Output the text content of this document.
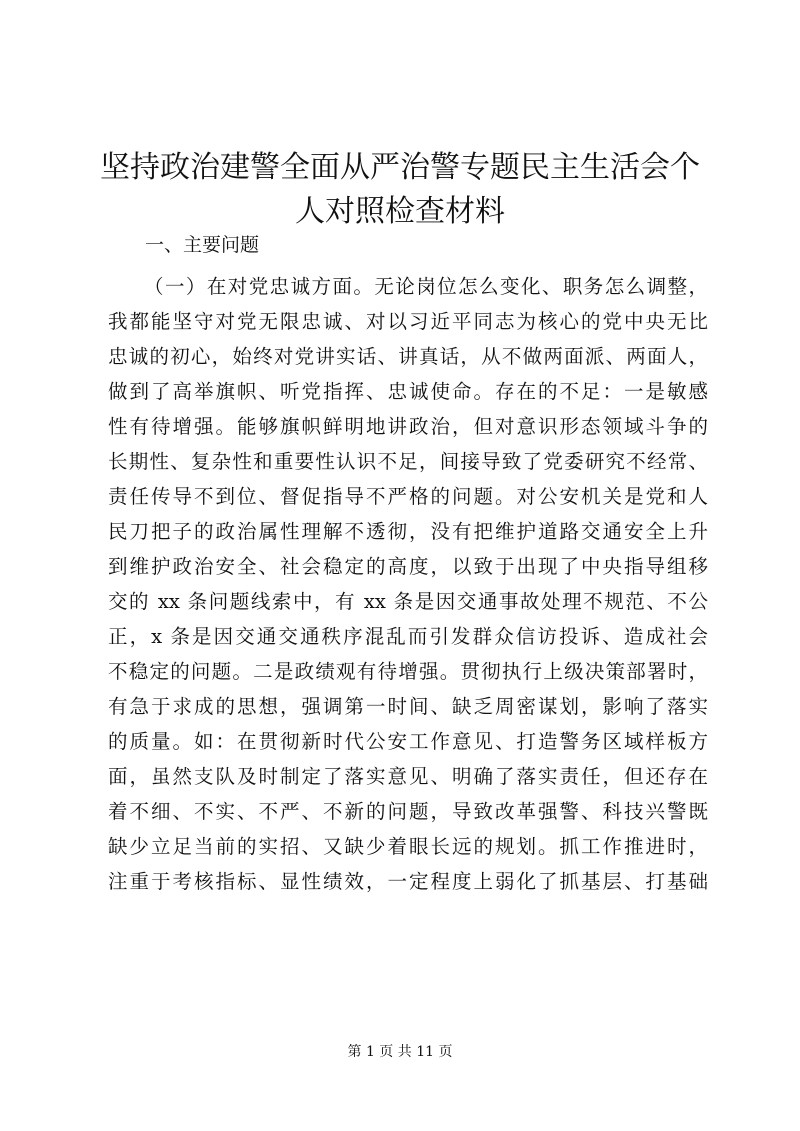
坚持政治建警全面从严治警专题民主生活会个
人对照检查材料

一、主要问题

（一）在对党忠诚方面。无论岗位怎么变化、职务怎么调整，
我都能坚守对党无限忠诚、对以习近平同志为核心的党中央无比
忠诚的初心，始终对党讲实话、讲真话，从不做两面派、两面人，
做到了高举旗帜、听党指挥、忠诚使命。存在的不足：一是敏感
性有待增强。能够旗帜鲜明地讲政治，但对意识形态领域斗争的
长期性、复杂性和重要性认识不足，间接导致了党委研究不经常、
责任传导不到位、督促指导不严格的问题。对公安机关是党和人
民刀把子的政治属性理解不透彻，没有把维护道路交通安全上升
到维护政治安全、社会稳定的高度，以致于出现了中央指导组移
交的 xx 条问题线索中，有 xx 条是因交通事故处理不规范、不公
正，x 条是因交通交通秩序混乱而引发群众信访投诉、造成社会
不稳定的问题。二是政绩观有待增强。贯彻执行上级决策部署时，
有急于求成的思想，强调第一时间、缺乏周密谋划，影响了落实
的质量。如：在贯彻新时代公安工作意见、打造警务区域样板方
面，虽然支队及时制定了落实意见、明确了落实责任，但还存在
着不细、不实、不严、不新的问题，导致改革强警、科技兴警既
缺少立足当前的实招、又缺少着眼长远的规划。抓工作推进时，
注重于考核指标、显性绩效，一定程度上弱化了抓基层、打基础
第 1 页 共 11 页
